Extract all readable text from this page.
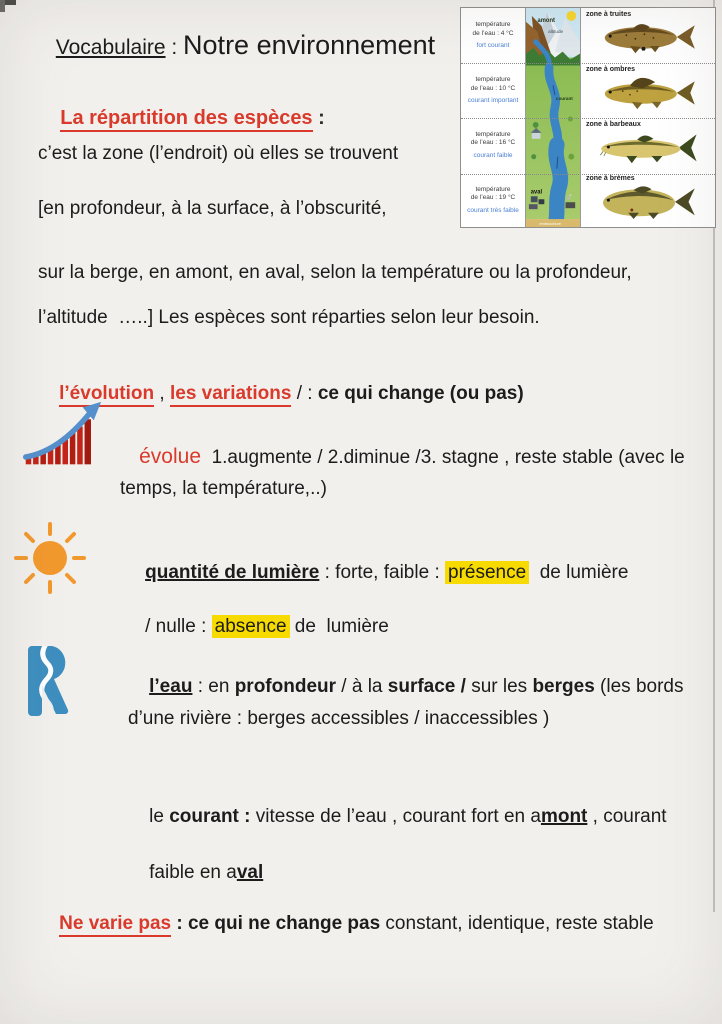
Vocabulaire : Notre environnement

température
de l’eau : 4 °C
fort courant
température
de l’eau : 10 °C
courant important
température
de l’eau : 16 °C
courant faible
température
de l’eau : 19 °C
courant très faible
amont
altitude
courant
aval
embouchure
zone à truites
zone à ombres
zone à barbeaux
zone à brèmes

La répartition des espèces :

c’est la zone (l’endroit) où elles se trouvent
[en profondeur, à la surface, à l’obscurité,
sur la berge, en amont, en aval, selon la température ou la profondeur,
l’altitude  …..] Les espèces sont réparties selon leur besoin.

l’évolution , les variations / : ce qui change (ou pas)

évolue 1.augmente / 2.diminue /3. stagne , reste stable (avec le

temps, la température,..)

quantité de lumière : forte, faible : présence  de lumière

/ nulle : absence de  lumière

l’eau : en profondeur / à la surface / sur les berges (les bords

d’une rivière : berges accessibles / inaccessibles )

le courant : vitesse de l’eau , courant fort en amont , courant

faible en aval

Ne varie pas : ce qui ne change pas constant, identique, reste stable
